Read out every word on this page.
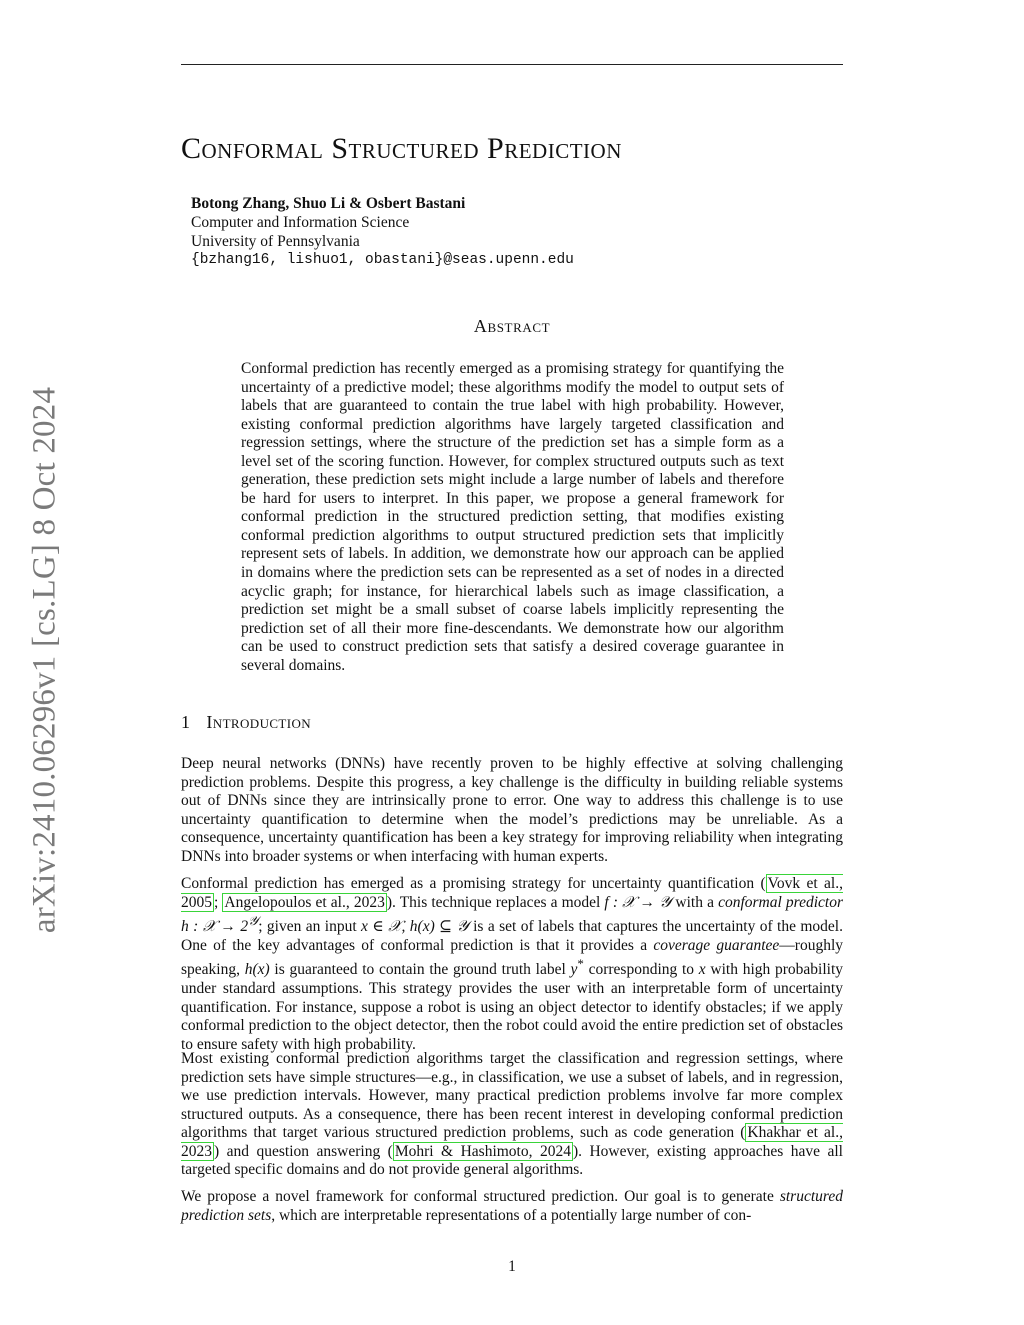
arXiv:2410.06296v1 [cs.LG] 8 Oct 2024
Conformal Structured Prediction
Botong Zhang, Shuo Li & Osbert Bastani
Computer and Information Science
University of Pennsylvania
{bzhang16, lishuo1, obastani}@seas.upenn.edu
Abstract

Conformal prediction has recently emerged as a promising strategy for quantifying the uncertainty of a predictive model; these algorithms modify the model to output sets of labels that are guaranteed to contain the true label with high probability. However, existing conformal prediction algorithms have largely targeted classification and regression settings, where the structure of the prediction set has a simple form as a level set of the scoring function. However, for complex structured outputs such as text generation, these prediction sets might include a large number of labels and therefore be hard for users to interpret. In this paper, we propose a general framework for conformal prediction in the structured prediction setting, that modifies existing conformal prediction algorithms to output structured prediction sets that implicitly represent sets of labels. In addition, we demonstrate how our approach can be applied in domains where the prediction sets can be represented as a set of nodes in a directed acyclic graph; for instance, for hierarchical labels such as image classification, a prediction set might be a small subset of coarse labels implicitly representing the prediction set of all their more fine-descendants. We demonstrate how our algorithm can be used to construct prediction sets that satisfy a desired coverage guarantee in several domains.

1 Introduction

Deep neural networks (DNNs) have recently proven to be highly effective at solving challenging prediction problems. Despite this progress, a key challenge is the difficulty in building reliable systems out of DNNs since they are intrinsically prone to error. One way to address this challenge is to use uncertainty quantification to determine when the model’s predictions may be unreliable. As a consequence, uncertainty quantification has been a key strategy for improving reliability when integrating DNNs into broader systems or when interfacing with human experts.

Conformal prediction has emerged as a promising strategy for uncertainty quantification ( Vovk et al., 2005 ; Angelopoulos et al., 2023 ). This technique replaces a model f : 𝒳 → 𝒴 with a conformal predictor h : 𝒳 → $2^𝒴$; given an input x ∈ 𝒳, h(x) ⊆ 𝒴 is a set of labels that captures the uncertainty of the model. One of the key advantages of conformal prediction is that it provides a coverage guarantee—roughly speaking, h(x) is guaranteed to contain the ground truth label y* corresponding to x with high probability under standard assumptions. This strategy provides the user with an interpretable form of uncertainty quantification. For instance, suppose a robot is using an object detector to identify obstacles; if we apply conformal prediction to the object detector, then the robot could avoid the entire prediction set of obstacles to ensure safety with high probability.

Most existing conformal prediction algorithms target the classification and regression settings, where prediction sets have simple structures—e.g., in classification, we use a subset of labels, and in regression, we use prediction intervals. However, many practical prediction problems involve far more complex structured outputs. As a consequence, there has been recent interest in developing conformal prediction algorithms that target various structured prediction problems, such as code generation ( Khakhar et al., 2023 ) and question answering ( Mohri & Hashimoto, 2024 ). However, existing approaches have all targeted specific domains and do not provide general algorithms.

We propose a novel framework for conformal structured prediction. Our goal is to generate structured prediction sets, which are interpretable representations of a potentially large number of con-

1
